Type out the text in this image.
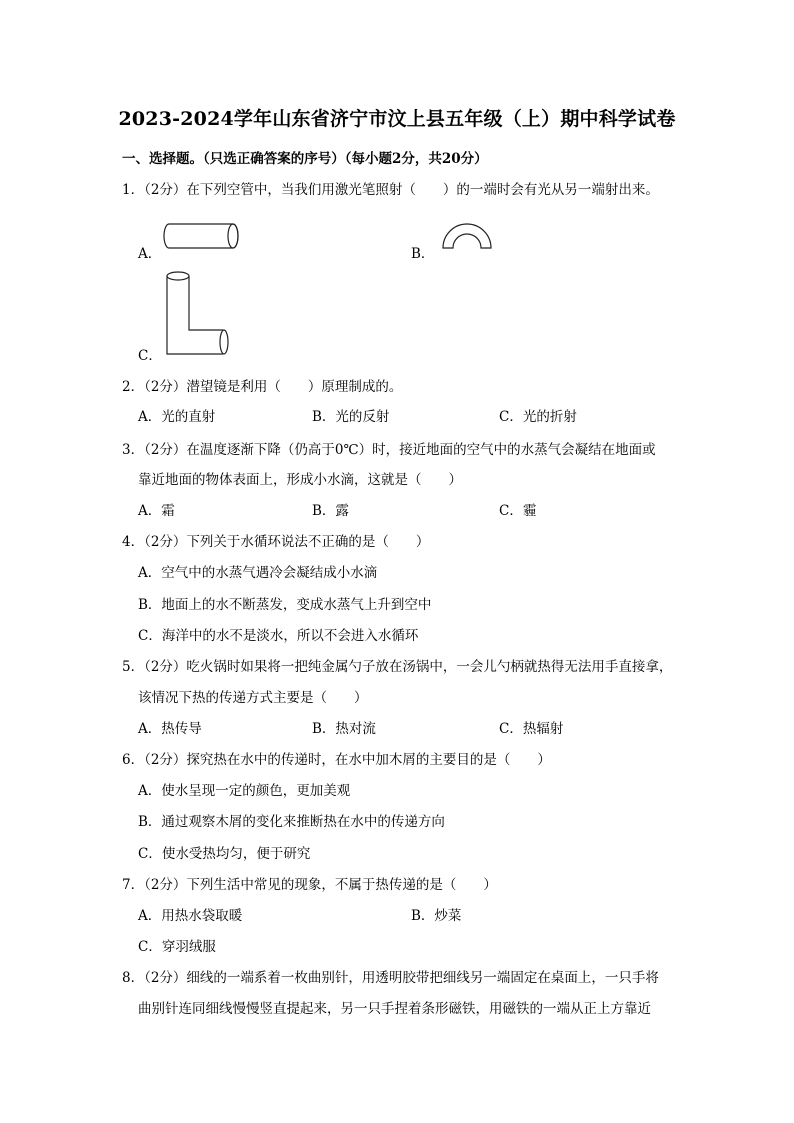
2023-2024学年山东省济宁市汶上县五年级（上）期中科学试卷
一、选择题。（只选正确答案的序号）（每小题2分，共20分）
1．（2分）在下列空管中，当我们用激光笔照射（　　）的一端时会有光从另一端射出来。
A．	B．
C．
2．（2分）潜望镜是利用（　　）原理制成的。
A．光的直射	B．光的反射	C．光的折射
3．（2分）在温度逐渐下降（仍高于0℃）时，接近地面的空气中的水蒸气会凝结在地面或
靠近地面的物体表面上，形成小水滴，这就是（　　）
A．霜	B．露	C．霾
4．（2分）下列关于水循环说法不正确的是（　　）
A．空气中的水蒸气遇冷会凝结成小水滴
B．地面上的水不断蒸发，变成水蒸气上升到空中
C．海洋中的水不是淡水，所以不会进入水循环
5．（2分）吃火锅时如果将一把纯金属勺子放在汤锅中，一会儿勺柄就热得无法用手直接拿，
该情况下热的传递方式主要是（　　）
A．热传导	B．热对流	C．热辐射
6．（2分）探究热在水中的传递时，在水中加木屑的主要目的是（　　）
A．使水呈现一定的颜色，更加美观
B．通过观察木屑的变化来推断热在水中的传递方向
C．使水受热均匀，便于研究
7．（2分）下列生活中常见的现象，不属于热传递的是（　　）
A．用热水袋取暖	B．炒菜
C．穿羽绒服
8．（2分）细线的一端系着一枚曲别针，用透明胶带把细线另一端固定在桌面上，一只手将
曲别针连同细线慢慢竖直提起来，另一只手捏着条形磁铁，用磁铁的一端从正上方靠近
